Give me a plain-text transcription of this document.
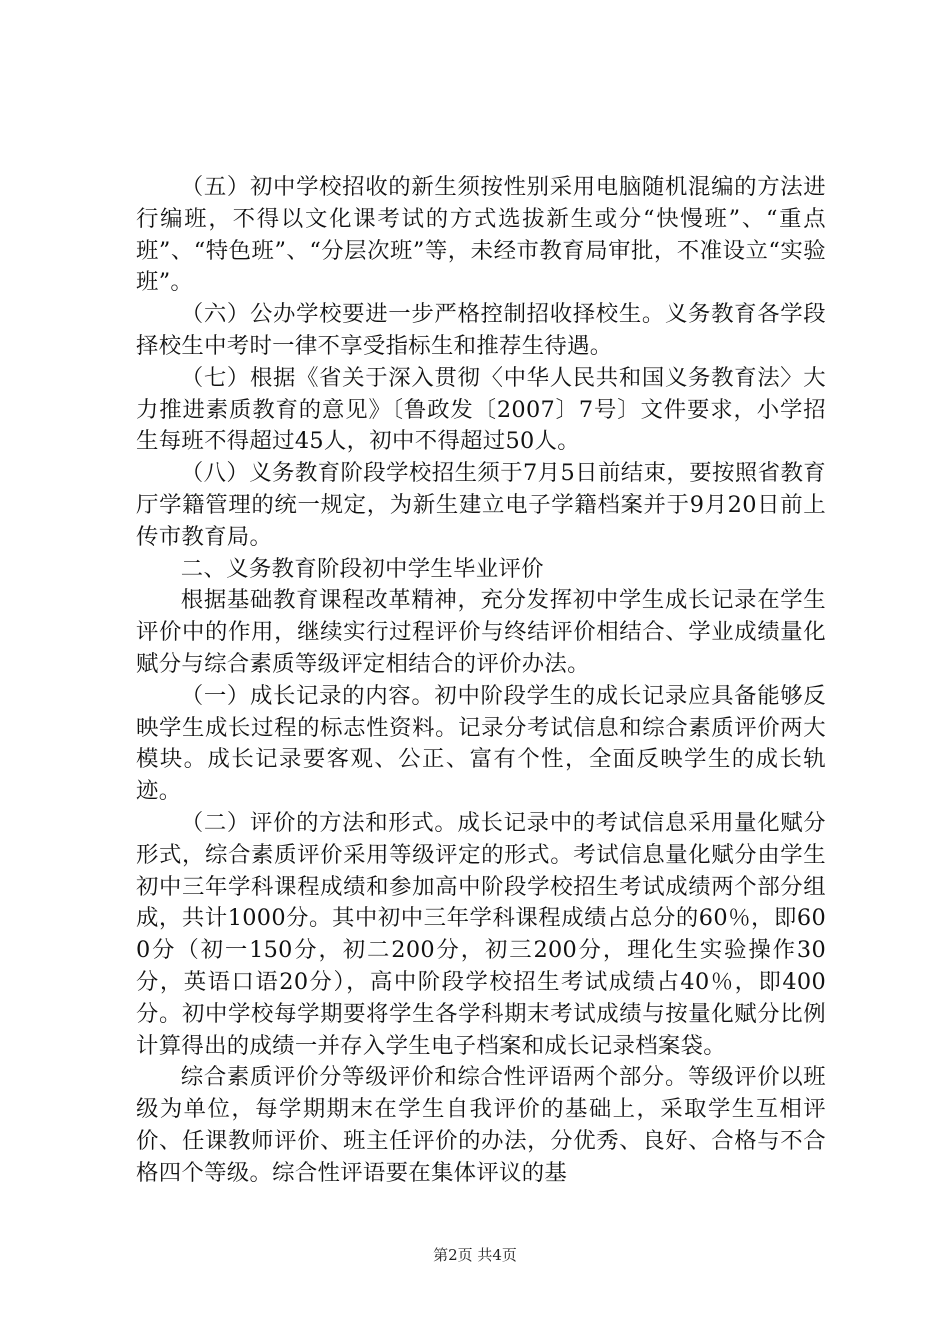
（五）初中学校招收的新生须按性别采用电脑随机混编的方法进行编班，不得以文化课考试的方式选拔新生或分“快慢班”、“重点班”、“特色班”、“分层次班”等，未经市教育局审批，不准设立“实验班”。

（六）公办学校要进一步严格控制招收择校生。义务教育各学段择校生中考时一律不享受指标生和推荐生待遇。

（七）根据《省关于深入贯彻〈中华人民共和国义务教育法〉大力推进素质教育的意见》〔鲁政发〔2007〕7号〕文件要求，小学招生每班不得超过45人，初中不得超过50人。

（八）义务教育阶段学校招生须于7月5日前结束，要按照省教育厅学籍管理的统一规定，为新生建立电子学籍档案并于9月20日前上传市教育局。

二、义务教育阶段初中学生毕业评价

根据基础教育课程改革精神，充分发挥初中学生成长记录在学生评价中的作用，继续实行过程评价与终结评价相结合、学业成绩量化赋分与综合素质等级评定相结合的评价办法。

（一）成长记录的内容。初中阶段学生的成长记录应具备能够反映学生成长过程的标志性资料。记录分考试信息和综合素质评价两大模块。成长记录要客观、公正、富有个性，全面反映学生的成长轨迹。

（二）评价的方法和形式。成长记录中的考试信息采用量化赋分形式，综合素质评价采用等级评定的形式。考试信息量化赋分由学生初中三年学科课程成绩和参加高中阶段学校招生考试成绩两个部分组成，共计1000分。其中初中三年学科课程成绩占总分的60％，即600分（初一150分，初二200分，初三200分，理化生实验操作30分，英语口语20分），高中阶段学校招生考试成绩占40％，即400分。初中学校每学期要将学生各学科期末考试成绩与按量化赋分比例计算得出的成绩一并存入学生电子档案和成长记录档案袋。

综合素质评价分等级评价和综合性评语两个部分。等级评价以班级为单位，每学期期末在学生自我评价的基础上，采取学生互相评价、任课教师评价、班主任评价的办法，分优秀、良好、合格与不合格四个等级。综合性评语要在集体评议的基

第2页 共4页
